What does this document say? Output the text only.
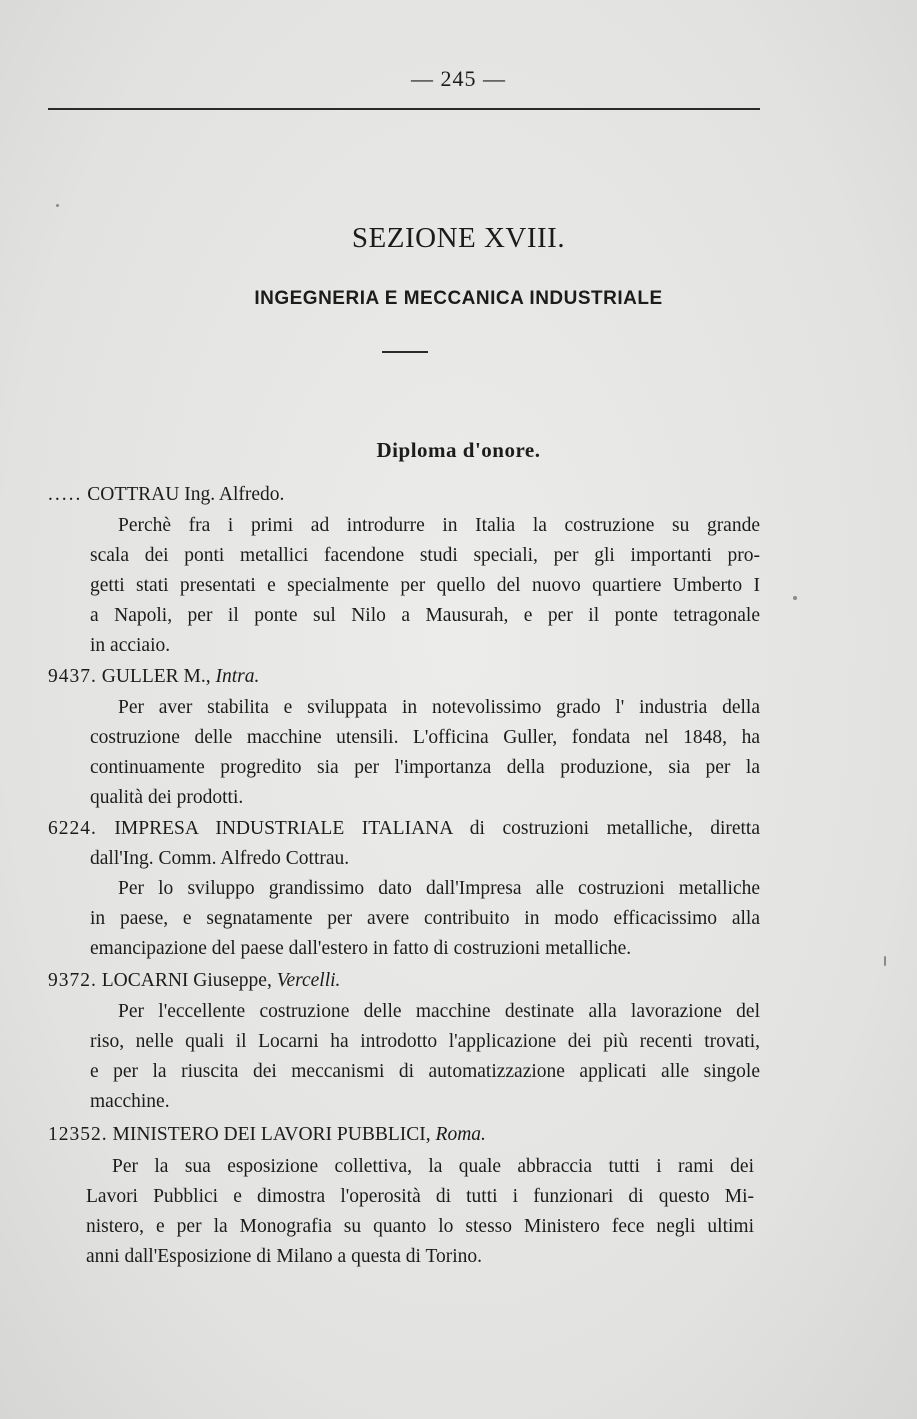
— 245 —
SEZIONE XVIII.
INGEGNERIA E MECCANICA INDUSTRIALE
Diploma d'onore.
..... COTTRAU Ing. Alfredo.
Perchè fra i primi ad introdurre in Italia la costruzione su grande
scala dei ponti metallici facendone studi speciali, per gli importanti pro-
getti stati presentati e specialmente per quello del nuovo quartiere Umberto I
a Napoli, per il ponte sul Nilo a Mausurah, e per il ponte tetragonale
in acciaio.
9437. GULLER M., Intra.
Per aver stabilita e sviluppata in notevolissimo grado l' industria della
costruzione delle macchine utensili. L'officina Guller, fondata nel 1848, ha
continuamente progredito sia per l'importanza della produzione, sia per la
qualità dei prodotti.
6224. IMPRESA INDUSTRIALE ITALIANA di costruzioni metalliche, diretta
dall'Ing. Comm. Alfredo Cottrau.
Per lo sviluppo grandissimo dato dall'Impresa alle costruzioni metalliche
in paese, e segnatamente per avere contribuito in modo efficacissimo alla
emancipazione del paese dall'estero in fatto di costruzioni metalliche.
9372. LOCARNI Giuseppe, Vercelli.
Per l'eccellente costruzione delle macchine destinate alla lavorazione del
riso, nelle quali il Locarni ha introdotto l'applicazione dei più recenti trovati,
e per la riuscita dei meccanismi di automatizzazione applicati alle singole
macchine.
12352. MINISTERO DEI LAVORI PUBBLICI, Roma.
Per la sua esposizione collettiva, la quale abbraccia tutti i rami dei
Lavori Pubblici e dimostra l'operosità di tutti i funzionari di questo Mi-
nistero, e per la Monografia su quanto lo stesso Ministero fece negli ultimi
anni dall'Esposizione di Milano a questa di Torino.
